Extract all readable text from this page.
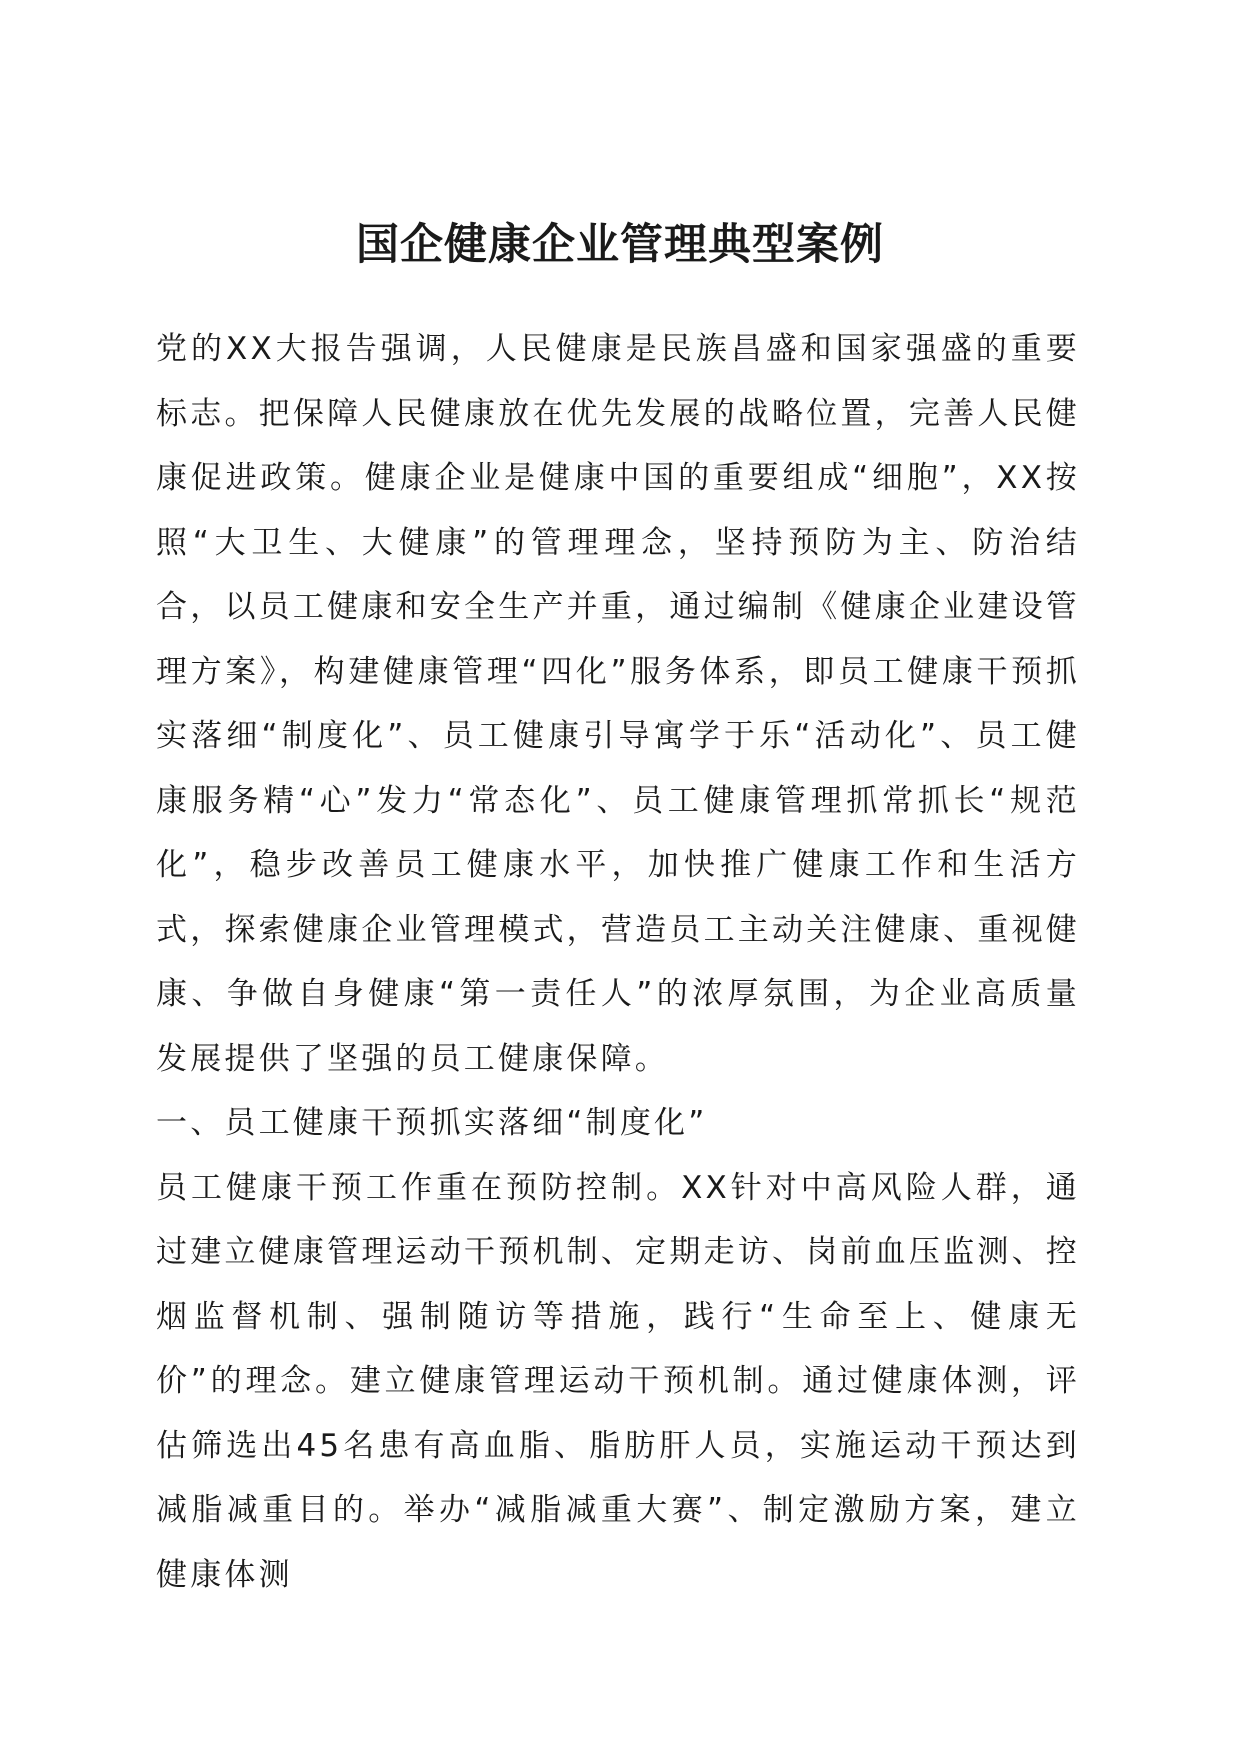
国企健康企业管理典型案例

党的XX大报告强调，人民健康是民族昌盛和国家强盛的重要标志。把保障人民健康放在优先发展的战略位置，完善人民健康促进政策。健康企业是健康中国的重要组成“细胞”，XX按照“大卫生、大健康”的管理理念，坚持预防为主、防治结合，以员工健康和安全生产并重，通过编制《健康企业建设管理方案》，构建健康管理“四化”服务体系，即员工健康干预抓实落细“制度化”、员工健康引导寓学于乐“活动化”、员工健康服务精“心”发力“常态化”、员工健康管理抓常抓长“规范化”，稳步改善员工健康水平，加快推广健康工作和生活方式，探索健康企业管理模式，营造员工主动关注健康、重视健康、争做自身健康“第一责任人”的浓厚氛围，为企业高质量发展提供了坚强的员工健康保障。

一、员工健康干预抓实落细“制度化”

员工健康干预工作重在预防控制。XX针对中高风险人群，通过建立健康管理运动干预机制、定期走访、岗前血压监测、控烟监督机制、强制随访等措施，践行“生命至上、健康无价”的理念。建立健康管理运动干预机制。通过健康体测，评估筛选出45名患有高血脂、脂肪肝人员，实施运动干预达到减脂减重目的。举办“减脂减重大赛”、制定激励方案，建立健康体测
